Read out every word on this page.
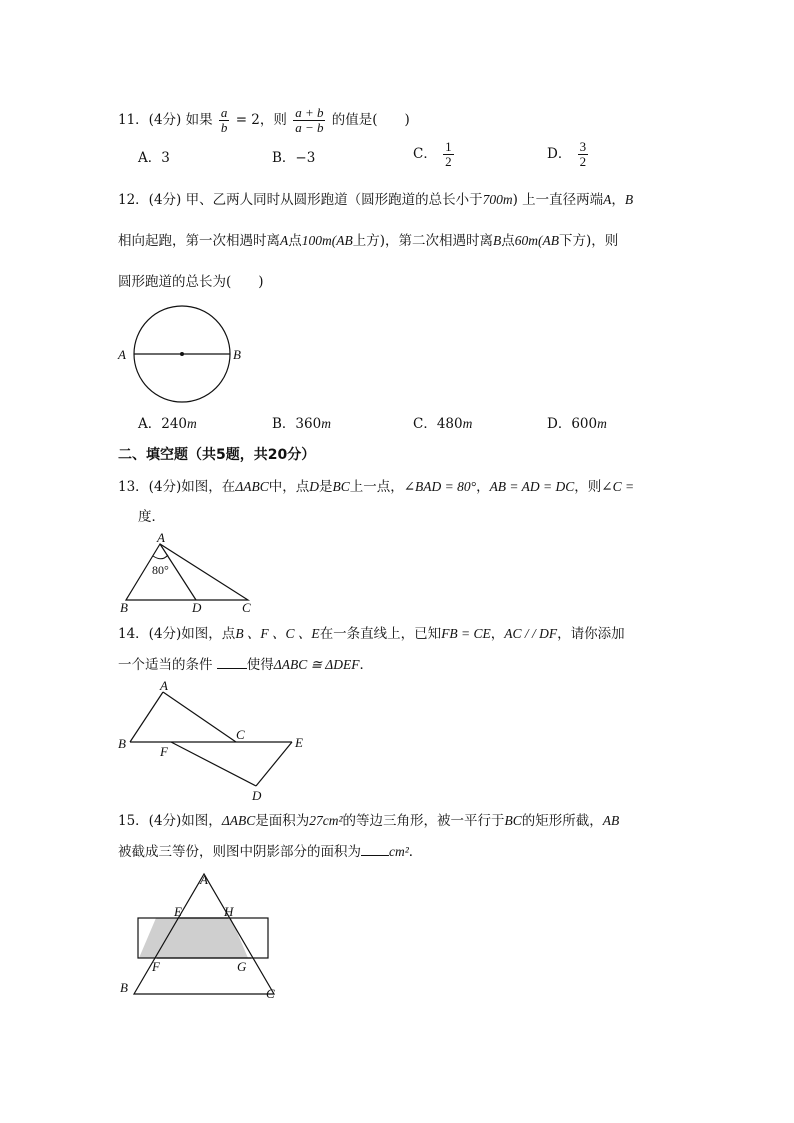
11．(4分) 如果 $\frac{a}{b} = 2$，则 $\frac{a + b}{a - b}$ 的值是(　　)
A．3	B．−3	C． $\frac{1}{2}$	D． $\frac{3}{2}$
12．(4分) 甲、乙两人同时从圆形跑道（圆形跑道的总长小于700m) 上一直径两端A，B
相向起跑，第一次相遇时离A点100m(AB上方)，第二次相遇时离B点60m(AB下方)，则
圆形跑道的总长为(　　)
A	B
A．240m	B．360m	C．480m	D．600m
二、填空题（共5题，共20分）
13．(4分)如图，在ΔABC中，点D是BC上一点，∠BAD = 80°，AB = AD = DC，则∠C =
度．
A
80°
B	D	C
14．(4分)如图，点B 、F 、C 、E在一条直线上，已知FB = CE，AC / / DF，请你添加
一个适当的条件	使得ΔABC ≅ ΔDEF．
A
B
C
E
F
D
15．(4分)如图，ΔABC是面积为27cm²的等边三角形，被一平行于BC的矩形所截，AB
被截成三等份，则图中阴影部分的面积为 cm²．
A
E	H
F	G
B	C
